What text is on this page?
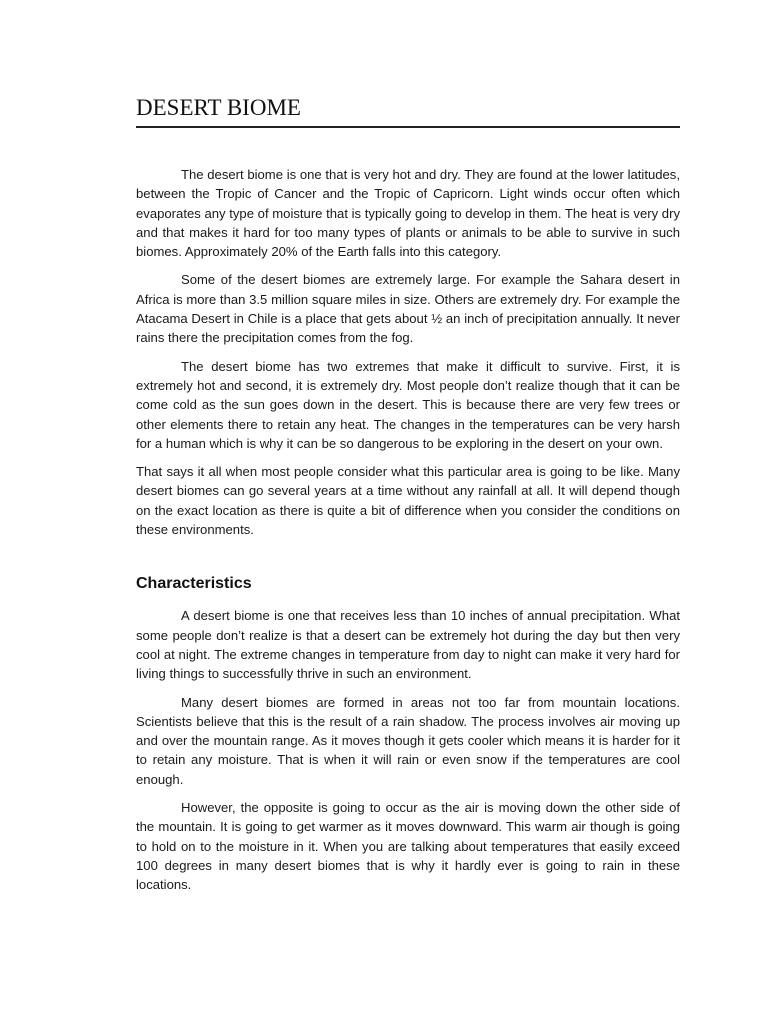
DESERT BIOME

The desert biome is one that is very hot and dry. They are found at the lower latitudes, between the Tropic of Cancer and the Tropic of Capricorn. Light winds occur often which evaporates any type of moisture that is typically going to develop in them. The heat is very dry and that makes it hard for too many types of plants or animals to be able to survive in such biomes. Approximately 20% of the Earth falls into this category.

Some of the desert biomes are extremely large. For example the Sahara desert in Africa is more than 3.5 million square miles in size. Others are extremely dry. For example the Atacama Desert in Chile is a place that gets about ½ an inch of precipitation annually. It never rains there the precipitation comes from the fog.

The desert biome has two extremes that make it difficult to survive. First, it is extremely hot and second, it is extremely dry. Most people don’t realize though that it can be come cold as the sun goes down in the desert. This is because there are very few trees or other elements there to retain any heat. The changes in the temperatures can be very harsh for a human which is why it can be so dangerous to be exploring in the desert on your own.

That says it all when most people consider what this particular area is going to be like. Many desert biomes can go several years at a time without any rainfall at all. It will depend though on the exact location as there is quite a bit of difference when you consider the conditions on these environments.

Characteristics

A desert biome is one that receives less than 10 inches of annual precipitation. What some people don’t realize is that a desert can be extremely hot during the day but then very cool at night. The extreme changes in temperature from day to night can make it very hard for living things to successfully thrive in such an environment.

Many desert biomes are formed in areas not too far from mountain locations. Scientists believe that this is the result of a rain shadow. The process involves air moving up and over the mountain range. As it moves though it gets cooler which means it is harder for it to retain any moisture. That is when it will rain or even snow if the temperatures are cool enough.

However, the opposite is going to occur as the air is moving down the other side of the mountain. It is going to get warmer as it moves downward. This warm air though is going to hold on to the moisture in it. When you are talking about temperatures that easily exceed 100 degrees in many desert biomes that is why it hardly ever is going to rain in these locations.
